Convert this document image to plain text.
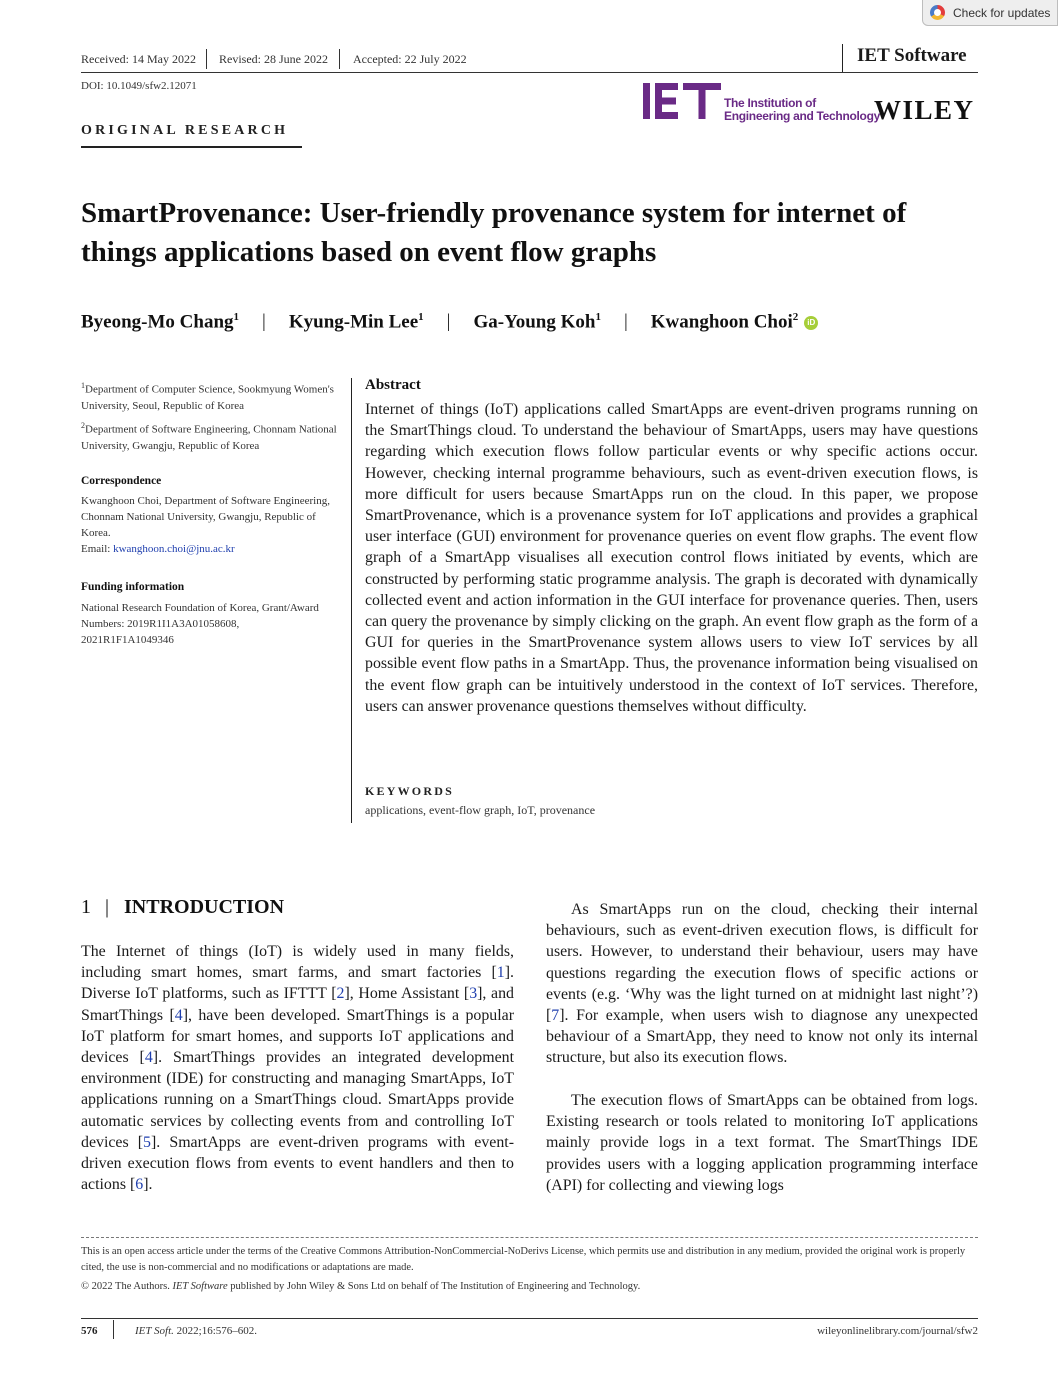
Check for updates
Received: 14 May 2022 Revised: 28 June 2022 Accepted: 22 July 2022	IET Software
DOI: 10.1049/sfw2.12071
The Institution of
Engineering and Technology
WILEY
ORIGINAL RESEARCH
SmartProvenance: User-friendly provenance system for internet of things applications based on event flow graphs
Byeong-Mo Chang$^1$ | Kyung-Min Lee$^1$ | Ga-Young Koh$^1$ | Kwanghoon Choi$^2$	iD
$^1$Department of Computer Science, Sookmyung Women's University, Seoul, Republic of Korea
$^2$Department of Software Engineering, Chonnam National University, Gwangju, Republic of Korea
Correspondence
Kwanghoon Choi, Department of Software Engineering, Chonnam National University, Gwangju, Republic of Korea.
Email: kwanghoon.choi@jnu.ac.kr
Funding information
National Research Foundation of Korea, Grant/Award Numbers: 2019R1I1A3A01058608, 2021R1F1A1049346
Abstract
Internet of things (IoT) applications called SmartApps are event-driven programs running on the SmartThings cloud. To understand the behaviour of SmartApps, users may have questions regarding which execution flows follow particular events or why specific actions occur. However, checking internal programme behaviours, such as event-driven execution flows, is more difficult for users because SmartApps run on the cloud. In this paper, we propose SmartProvenance, which is a provenance system for IoT applications and provides a graphical user interface (GUI) environment for provenance queries on event flow graphs. The event flow graph of a SmartApp visualises all execution control flows initiated by events, which are constructed by performing static programme analysis. The graph is decorated with dynamically collected event and action information in the GUI interface for provenance queries. Then, users can query the provenance by simply clicking on the graph. An event flow graph as the form of a GUI for queries in the SmartProvenance system allows users to view IoT services by all possible event flow paths in a SmartApp. Thus, the provenance information being visualised on the event flow graph can be intuitively understood in the context of IoT services. Therefore, users can answer provenance questions themselves without difficulty.
KEYWORDS
applications, event-flow graph, IoT, provenance
1 | INTRODUCTION
The Internet of things (IoT) is widely used in many fields, including smart homes, smart farms, and smart factories [1]. Diverse IoT platforms, such as IFTTT [2], Home Assistant [3], and SmartThings [4], have been developed. SmartThings is a popular IoT platform for smart homes, and supports IoT applications and devices [4]. SmartThings provides an integrated development environment (IDE) for constructing and managing SmartApps, IoT applications running on a SmartThings cloud. SmartApps provide automatic services by collecting events from and controlling IoT devices [5]. SmartApps are event-driven programs with event-driven execution flows from events to event handlers and then to actions [6].
As SmartApps run on the cloud, checking their internal behaviours, such as event-driven execution flows, is difficult for users. However, to understand their behaviour, users may have questions regarding the execution flows of specific actions or events (e.g. ‘Why was the light turned on at midnight last night’?) [7]. For example, when users wish to diagnose any unexpected behaviour of a SmartApp, they need to know not only its internal structure, but also its execution flows.
The execution flows of SmartApps can be obtained from logs. Existing research or tools related to monitoring IoT applications mainly provide logs in a text format. The SmartThings IDE provides users with a logging application programming interface (API) for collecting and viewing logs
This is an open access article under the terms of the Creative Commons Attribution-NonCommercial-NoDerivs License, which permits use and distribution in any medium, provided the original work is properly cited, the use is non-commercial and no modifications or adaptations are made.
© 2022 The Authors. IET Software published by John Wiley & Sons Ltd on behalf of The Institution of Engineering and Technology.
576	IET Soft. 2022;16:576–602.	wileyonlinelibrary.com/journal/sfw2
